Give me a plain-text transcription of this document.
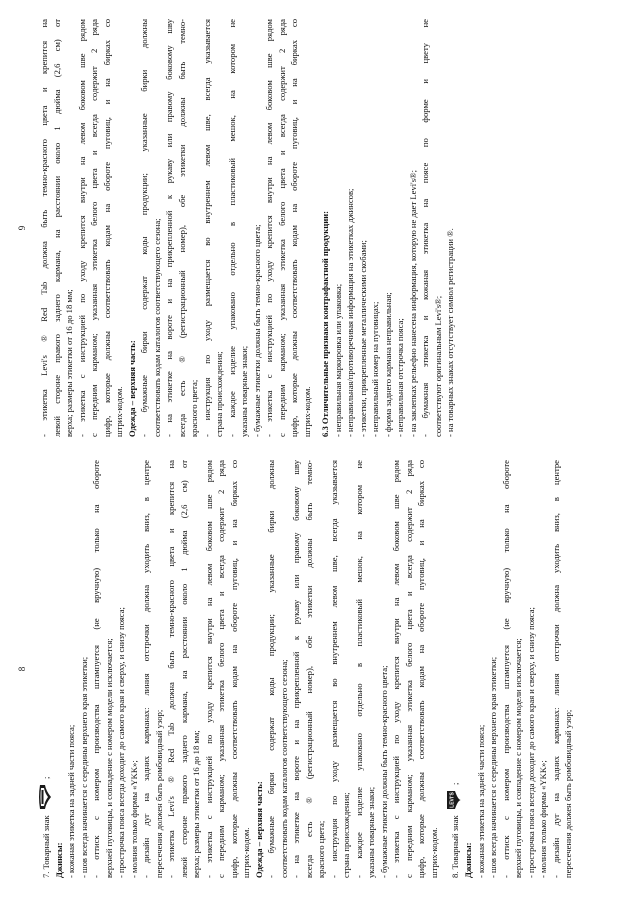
8
7. Товарный знак  ;
Джинсы: - кожаная этикетка на задней части пояса; - шов всегда начинается с середины верхнего края этикетки; - оттиск с номером производства штампуется (не вручную) только на обороте верхней пуговицы, и совпадение с номером модели исключается; - прострочка пояса всегда доходит до самого края и сверху, и снизу пояса; - молния только фирмы «YKK»; - дизайн дуг на задних карманах: линия отстрочки должна уходить вниз, в центре пересечения должен быть ромбовидный узор; - этикетка Levi's ® Red Tab должна быть темно-красного цвета и крепится на левой стороне правого заднего кармана, на расстоянии около 1 дюйма (2,6 см) от верха; размеры этикетки от 16 до 18 мм; - этикетка с инструкцией по уходу крепится внутри на левом боковом шве рядом с передним карманом; указанная этикетка белого цвета и всегда содержит 2 ряда цифр, которые должны соответствовать кодам на обороте пуговиц, и на бирках со штрих-кодом. Одежда – верхняя часть: - бумажные бирки содержат коды продукции; указанные бирки должны соответствовать кодам каталогов соответствующего сезона; - на этикетке на вороте и на прикрепленной к рукаву или правому боковому шву всегда есть ® (регистрационный номер), обе этикетки должны быть темно- красного цвета; - инструкция по уходу размещается во внутреннем левом шве, всегда указывается страна происхождения; - каждое изделие упаковано отдельно в пластиковый мешок, на котором не указаны товарные знаки; - бумажные этикетки должны быть темно-красного цвета; - этикетка с инструкцией по уходу крепится внутри на левом боковом шве рядом с передним карманом; указанная этикетка белого цвета и всегда содержит 2 ряда цифр, которые должны соответствовать кодам на обороте пуговиц, и на бирках со штрих-кодом.	8. Товарный знак
LEVI'S
;
Джинсы: - кожаная этикетка на задней части пояса; - шов всегда начинается с середины верхнего края этикетки; - оттиск с номером производства штампуется (не вручную) только на обороте верхней пуговицы, и совпадение с номером модели исключается; - прострочка пояса всегда доходит до самого края и сверху, и снизу пояса; - молния только фирмы «YKK»; - дизайн дуг на задних карманах: линия отстрочки должна уходить вниз, в центре пересечения должен быть ромбовидный узор;
9 - этикетка Levi's ® Red Tab должна быть темно-красного цвета и крепится на левой стороне правого заднего кармана, на расстоянии около 1 дюйма (2,6 см) от верха; размеры этикетки от 16 до 18 мм; - этикетка с инструкцией по уходу крепится внутри на левом боковом шве рядом с передним карманом; указанная этикетка белого цвета и всегда содержит 2 ряда цифр, которые должны соответствовать кодам на обороте пуговиц, и на бирках со штрих-кодом. Одежда – верхняя часть: - бумажные бирки содержат коды продукции; указанные бирки должны соответствовать кодам каталогов соответствующего сезона; - на этикетке на вороте и на прикрепленной к рукаву или правому боковому шву всегда есть ® (регистрационный номер), обе этикетки должны быть темно- красного цвета; - инструкция по уходу размещается во внутреннем левом шве, всегда указывается страна происхождения; - каждое изделие упаковано отдельно в пластиковый мешок, на котором не указаны товарные знаки; - бумажные этикетки должны быть темно-красного цвета; - этикетка с инструкцией по уходу крепится внутри на левом боковом шве рядом с передним карманом; указанная этикетка белого цвета и всегда содержит 2 ряда цифр, которые должны соответствовать кодам на обороте пуговиц, и на бирках со штрих-кодом. 6.3 Отличительные признаки контрафактной продукции: - неправильная маркировка или упаковка; - неправильная/противоречивая информация на этикетках джинсов; - этикетки, прикрепленные металлическими скобами; - неправильный номер на пуговицах; - форма заднего кармана неправильная; - неправильная отстрочка пояса; - на заклепках рельефно нанесена информация, которую не дает Levi's®; - бумажная этикетка и кожаная этикетка на поясе по форме и цвету не соответствуют оригинальным Levi's®; - на товарных знаках отсутствует символ регистрации ®.
